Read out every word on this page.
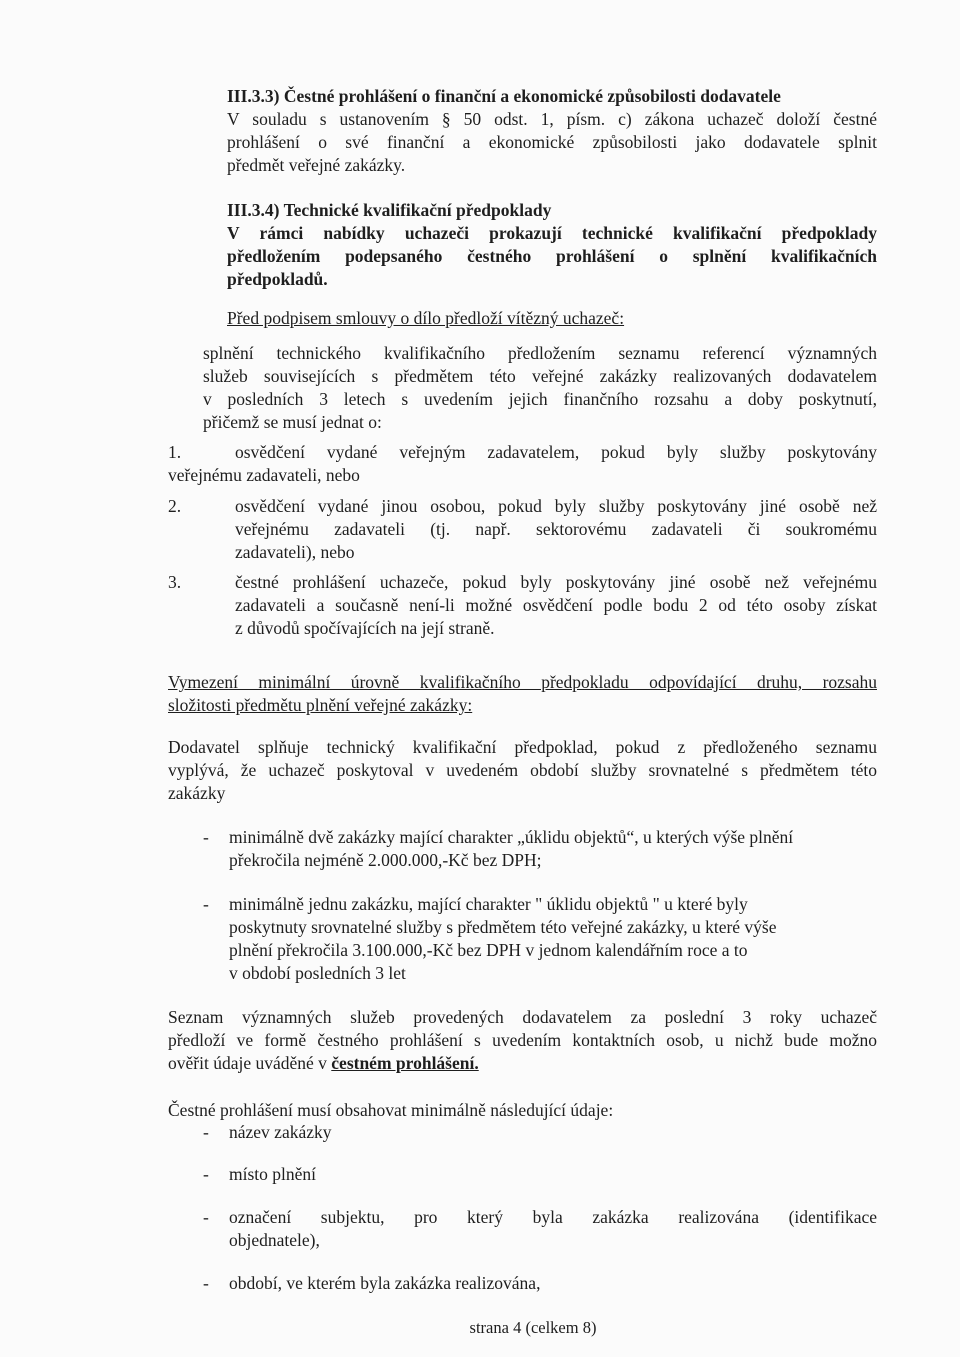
III.3.3) Čestné prohlášení o finanční a ekonomické způsobilosti dodavatele
V souladu s ustanovením § 50 odst. 1, písm. c) zákona uchazeč doloží čestné
prohlášení o své finanční a ekonomické způsobilosti jako dodavatele splnit
předmět veřejné zakázky.
III.3.4) Technické kvalifikační předpoklady
V rámci nabídky uchazeči prokazují technické kvalifikační předpoklady
předložením podepsaného čestného prohlášení o splnění kvalifikačních
předpokladů.
Před podpisem smlouvy o dílo předloží vítězný uchazeč:
splnění technického kvalifikačního předložením seznamu referencí významných
služeb souvisejících s předmětem této veřejné zakázky realizovaných dodavatelem
v posledních 3 letech s uvedením jejich finančního rozsahu a doby poskytnutí,
přičemž se musí jednat o:
1.	osvědčení vydané veřejným zadavatelem, pokud byly služby poskytovány
veřejnému zadavateli, nebo
2.	osvědčení vydané jinou osobou, pokud byly služby poskytovány jiné osobě než
veřejnému zadavateli (tj. např. sektorovému zadavateli či soukromému
zadavateli), nebo
3.	čestné prohlášení uchazeče, pokud byly poskytovány jiné osobě než veřejnému
zadavateli a současně není-li možné osvědčení podle bodu 2 od této osoby získat
z důvodů spočívajících na její straně.
Vymezení minimální úrovně kvalifikačního předpokladu odpovídající druhu, rozsahu
složitosti předmětu plnění veřejné zakázky:
Dodavatel splňuje technický kvalifikační předpoklad, pokud z předloženého seznamu
vyplývá, že uchazeč poskytoval v uvedeném období služby srovnatelné s předmětem této
zakázky
- minimálně dvě zakázky mající charakter „úklidu objektů“, u kterých výše plnění
překročila nejméně 2.000.000,-Kč bez DPH;
- minimálně jednu zakázku, mající charakter " úklidu objektů " u které byly
poskytnuty srovnatelné služby s předmětem této veřejné zakázky, u které výše
plnění překročila 3.100.000,-Kč bez DPH v jednom kalendářním roce a to
v období posledních 3 let
Seznam významných služeb provedených dodavatelem za poslední 3 roky uchazeč
předloží ve formě čestného prohlášení s uvedením kontaktních osob, u nichž bude možno
ověřit údaje uváděné v čestném prohlášení.
Čestné prohlášení musí obsahovat minimálně následující údaje:
- název zakázky
- místo plnění
- označení subjektu, pro který byla zakázka realizována (identifikace
objednatele),
- období, ve kterém byla zakázka realizována,
strana 4 (celkem 8)
